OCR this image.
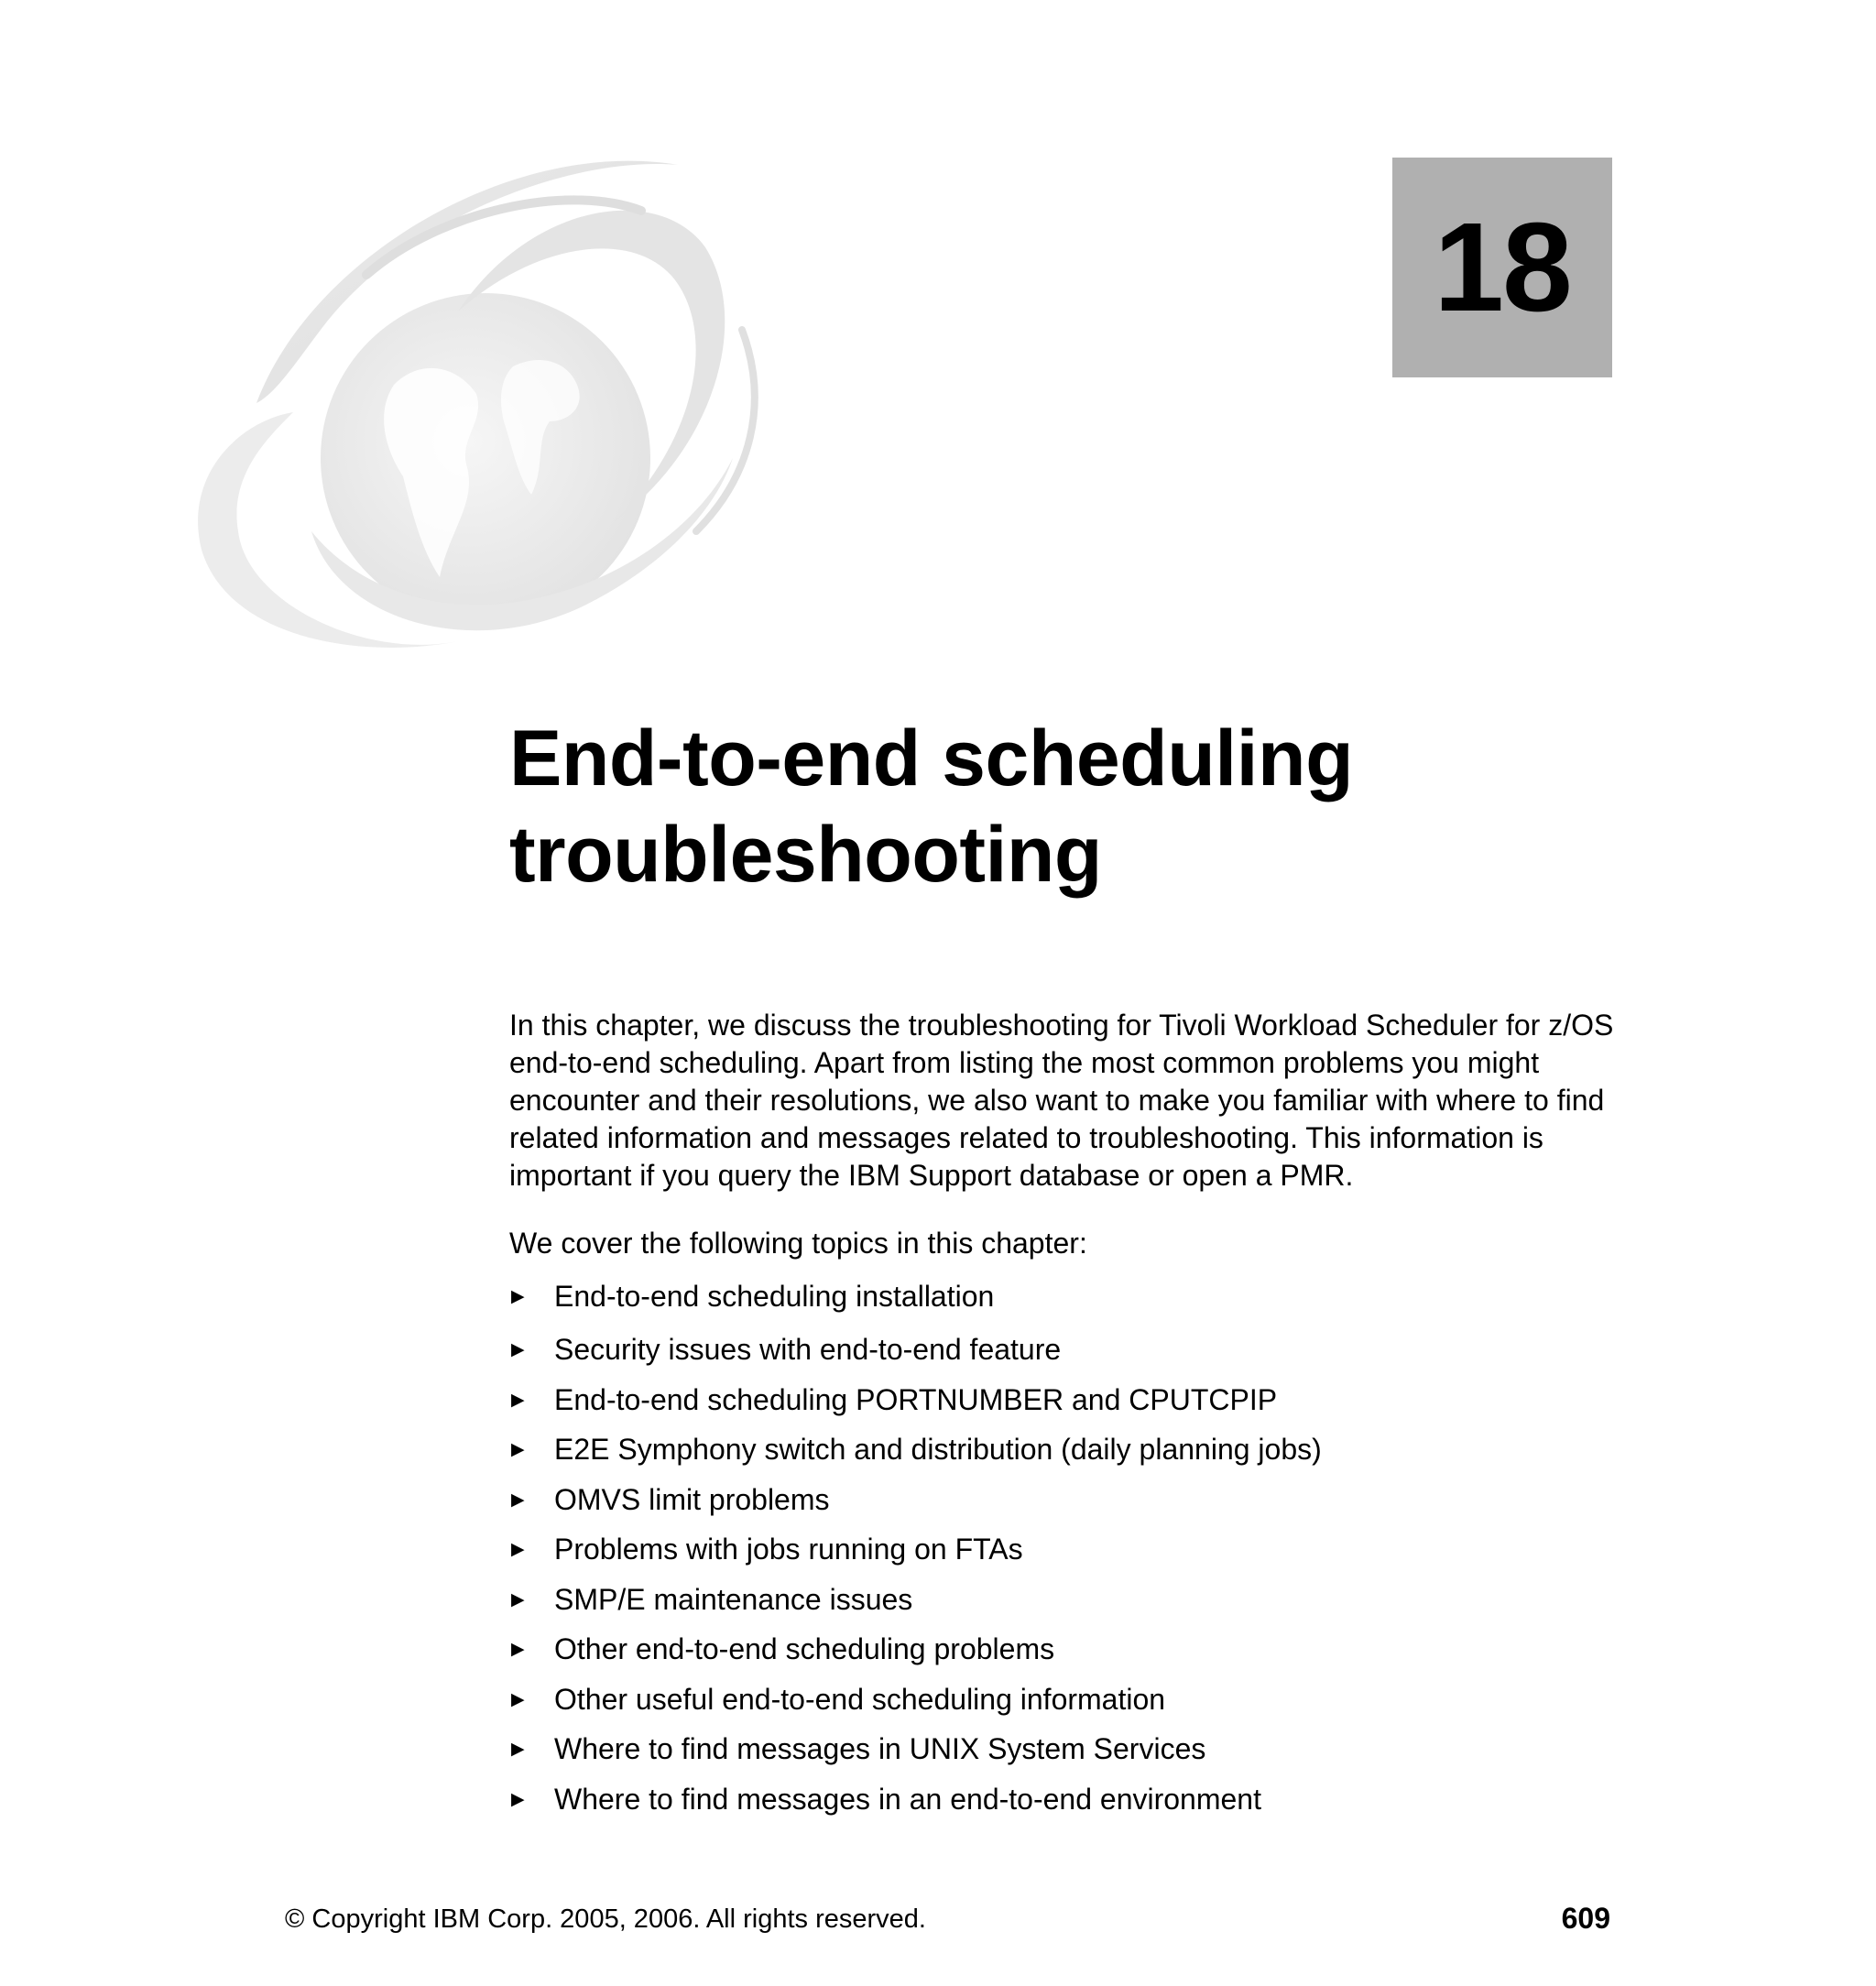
18
End-to-end scheduling
troubleshooting

In this chapter, we discuss the troubleshooting for Tivoli Workload Scheduler for z/OS end-to-end scheduling. Apart from listing the most common problems you might encounter and their resolutions, we also want to make you familiar with where to find related information and messages related to troubleshooting. This information is important if you query the IBM Support database or open a PMR.

We cover the following topics in this chapter:

▶ End-to-end scheduling installation
▶ Security issues with end-to-end feature
▶ End-to-end scheduling PORTNUMBER and CPUTCPIP
▶ E2E Symphony switch and distribution (daily planning jobs)
▶ OMVS limit problems
▶ Problems with jobs running on FTAs
▶ SMP/E maintenance issues
▶ Other end-to-end scheduling problems
▶ Other useful end-to-end scheduling information
▶ Where to find messages in UNIX System Services
▶ Where to find messages in an end-to-end environment
© Copyright IBM Corp. 2005, 2006. All rights reserved.	609
